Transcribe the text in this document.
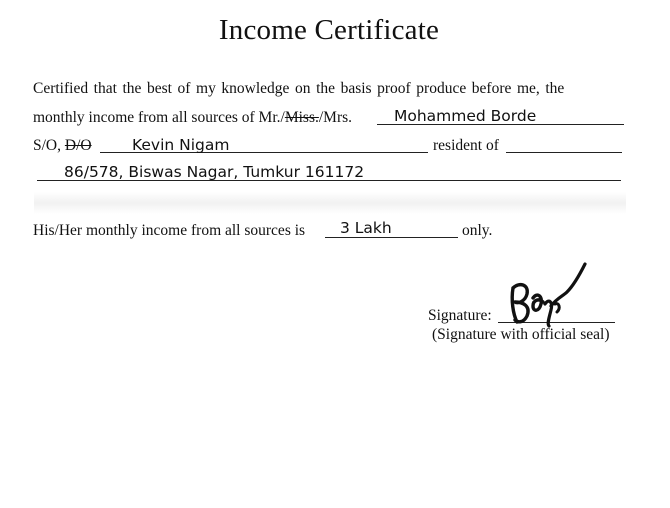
Income Certificate
Certified that the best of my knowledge on the basis proof produce before me, the
monthly income from all sources of Mr./Miss./Mrs.	Mohammed Borde
S/O, D/O	Kevin Nigam	resident of
86/578, Biswas Nagar, Tumkur 161172
His/Her monthly income from all sources is 3 Lakh	only.
Signature:
(Signature with official seal)
